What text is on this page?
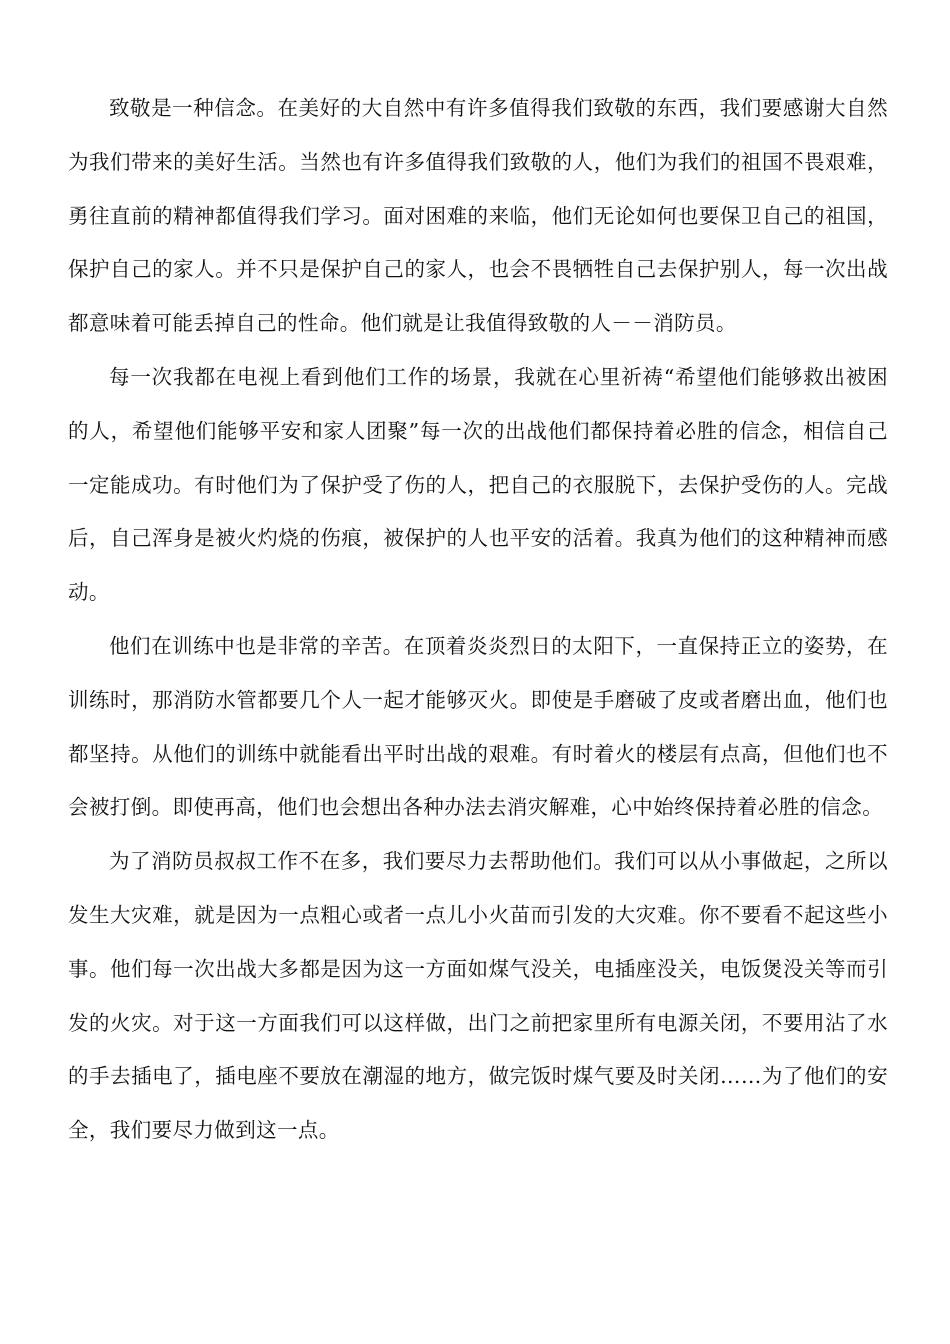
致敬是一种信念。在美好的大自然中有许多值得我们致敬的东西，我们要感谢大自然为我们带来的美好生活。当然也有许多值得我们致敬的人，他们为我们的祖国不畏艰难，勇往直前的精神都值得我们学习。面对困难的来临，他们无论如何也要保卫自己的祖国，保护自己的家人。并不只是保护自己的家人，也会不畏牺牲自己去保护别人，每一次出战都意味着可能丢掉自己的性命。他们就是让我值得致敬的人－－消防员。

每一次我都在电视上看到他们工作的场景，我就在心里祈祷“希望他们能够救出被困的人，希望他们能够平安和家人团聚”每一次的出战他们都保持着必胜的信念，相信自己一定能成功。有时他们为了保护受了伤的人，把自己的衣服脱下，去保护受伤的人。完战后，自己浑身是被火灼烧的伤痕，被保护的人也平安的活着。我真为他们的这种精神而感动。

他们在训练中也是非常的辛苦。在顶着炎炎烈日的太阳下，一直保持正立的姿势，在训练时，那消防水管都要几个人一起才能够灭火。即使是手磨破了皮或者磨出血，他们也都坚持。从他们的训练中就能看出平时出战的艰难。有时着火的楼层有点高，但他们也不会被打倒。即使再高，他们也会想出各种办法去消灾解难，心中始终保持着必胜的信念。

为了消防员叔叔工作不在多，我们要尽力去帮助他们。我们可以从小事做起，之所以发生大灾难，就是因为一点粗心或者一点儿小火苗而引发的大灾难。你不要看不起这些小事。他们每一次出战大多都是因为这一方面如煤气没关，电插座没关，电饭煲没关等而引发的火灾。对于这一方面我们可以这样做，出门之前把家里所有电源关闭，不要用沾了水的手去插电了，插电座不要放在潮湿的地方，做完饭时煤气要及时关闭……为了他们的安全，我们要尽力做到这一点。
